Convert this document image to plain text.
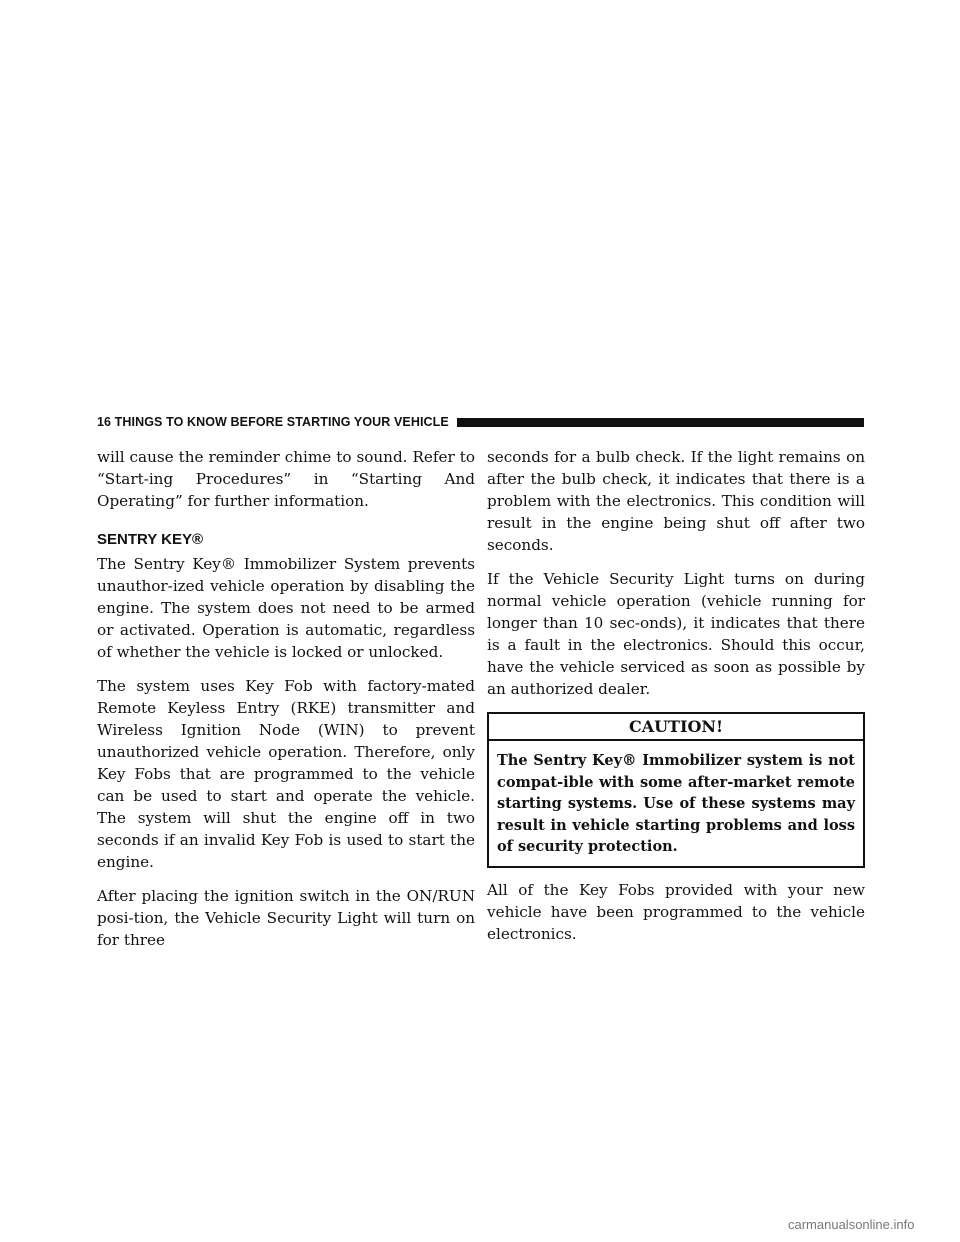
16 THINGS TO KNOW BEFORE STARTING YOUR VEHICLE

will cause the reminder chime to sound. Refer to “Start-ing Procedures” in “Starting And Operating” for further information.

SENTRY KEY®

The Sentry Key® Immobilizer System prevents unauthor-ized vehicle operation by disabling the engine. The system does not need to be armed or activated. Operation is automatic, regardless of whether the vehicle is locked or unlocked.

The system uses Key Fob with factory-mated Remote Keyless Entry (RKE) transmitter and Wireless Ignition Node (WIN) to prevent unauthorized vehicle operation. Therefore, only Key Fobs that are programmed to the vehicle can be used to start and operate the vehicle. The system will shut the engine off in two seconds if an invalid Key Fob is used to start the engine.

After placing the ignition switch in the ON/RUN posi-tion, the Vehicle Security Light will turn on for three

seconds for a bulb check. If the light remains on after the bulb check, it indicates that there is a problem with the electronics. This condition will result in the engine being shut off after two seconds.

If the Vehicle Security Light turns on during normal vehicle operation (vehicle running for longer than 10 sec-onds), it indicates that there is a fault in the electronics. Should this occur, have the vehicle serviced as soon as possible by an authorized dealer.

CAUTION!
The Sentry Key® Immobilizer system is not compat-ible with some after-market remote starting systems. Use of these systems may result in vehicle starting problems and loss of security protection.

All of the Key Fobs provided with your new vehicle have been programmed to the vehicle electronics.

carmanualsonline.info
